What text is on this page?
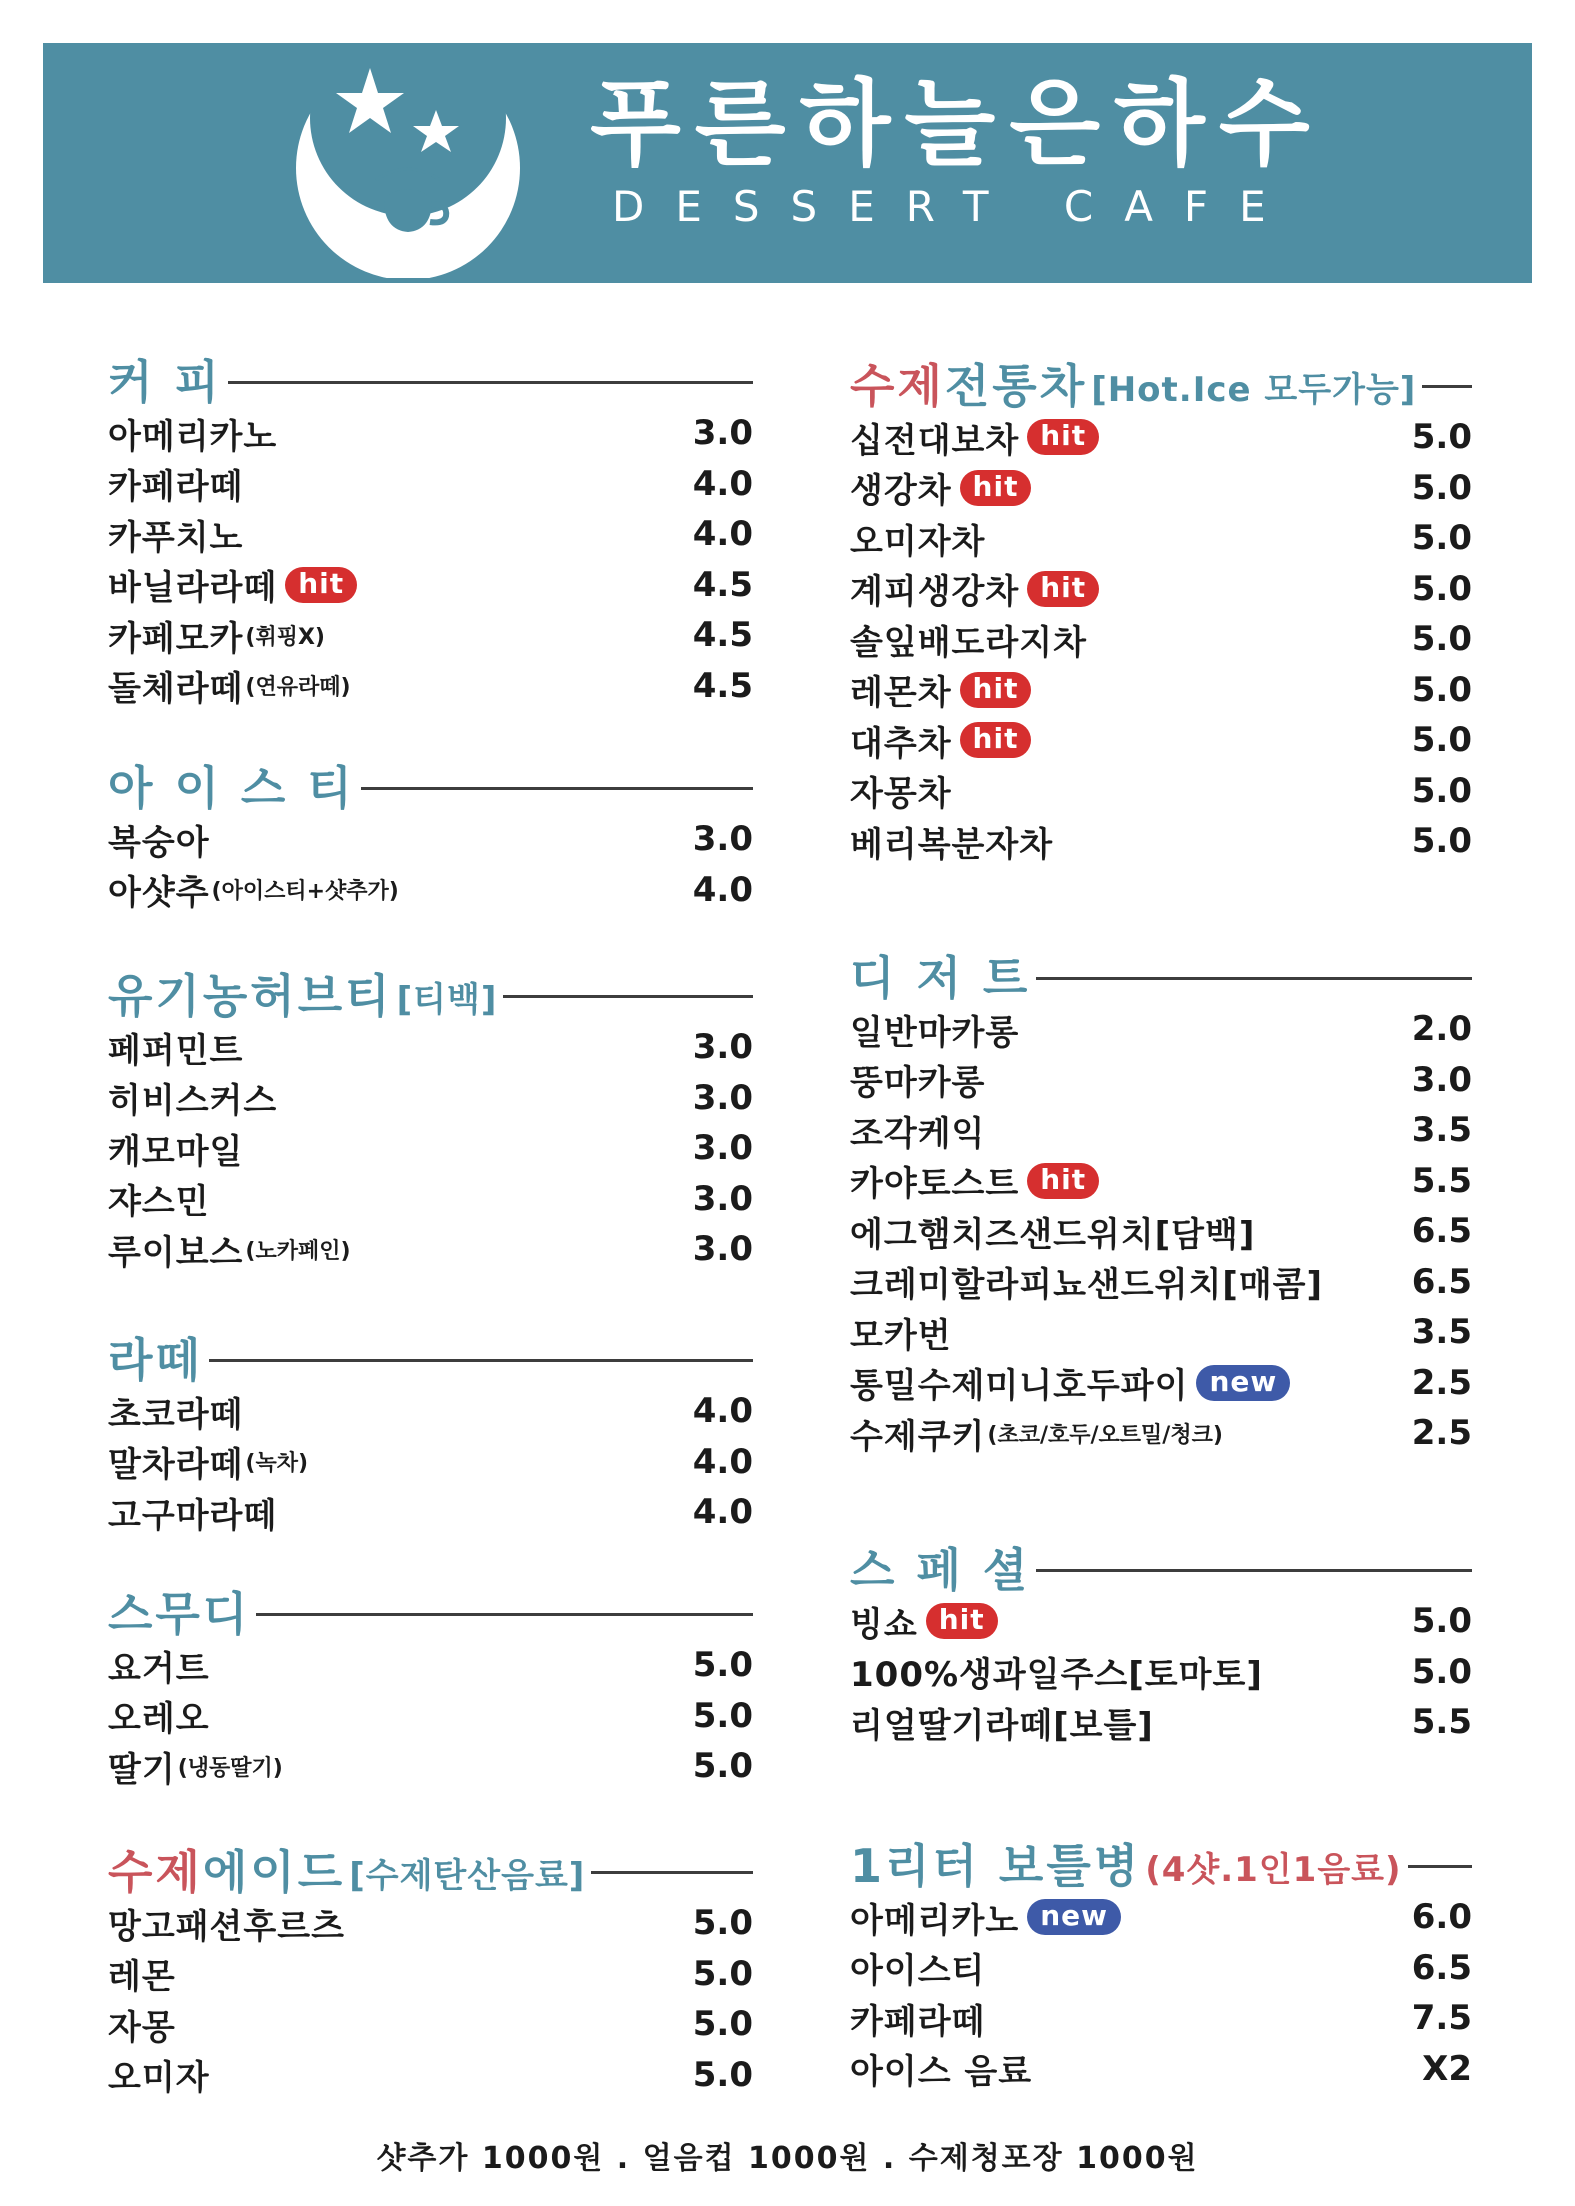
푸른하늘은하수
DESSERT CAFE
커 피
아메리카노	3.0
카페라떼	4.0
카푸치노	4.0
바닐라라떼 hit	4.5
카페모카 (휘핑X)	4.5
돌체라떼 (연유라떼)	4.5
아 이 스 티
복숭아	3.0
아샷추 (아이스티+샷추가)	4.0
유기농허브티 [티백]
페퍼민트	3.0
히비스커스	3.0
캐모마일	3.0
쟈스민	3.0
루이보스 (노카페인)	3.0
라떼
초코라떼	4.0
말차라떼 (녹차)	4.0
고구마라떼	4.0
스무디
요거트	5.0
오레오	5.0
딸기 (냉동딸기)	5.0
수제에이드 [수제탄산음료]
망고패션후르츠	5.0
레몬	5.0
자몽	5.0
오미자	5.0
수제전통차 [Hot.Ice 모두가능]
십전대보차 hit	5.0
생강차 hit	5.0
오미자차	5.0
계피생강차 hit	5.0
솔잎배도라지차	5.0
레몬차 hit	5.0
대추차 hit	5.0
자몽차	5.0
베리복분자차	5.0
디 저 트
일반마카롱	2.0
뚱마카롱	3.0
조각케익	3.5
카야토스트 hit	5.5
에그햄치즈샌드위치[담백]	6.5
크레미할라피뇨샌드위치[매콤]	6.5
모카번	3.5
통밀수제미니호두파이 new	2.5
수제쿠키 (초코/호두/오트밀/청크)	2.5
스 페 셜
빙쇼 hit	5.0
100%생과일주스[토마토]	5.0
리얼딸기라떼[보틀]	5.5
1리터 보틀병 (4샷.1인1음료)
아메리카노 new	6.0
아이스티	6.5
카페라떼	7.5
아이스 음료	X2
샷추가 1000원 . 얼음컵 1000원 . 수제청포장 1000원
